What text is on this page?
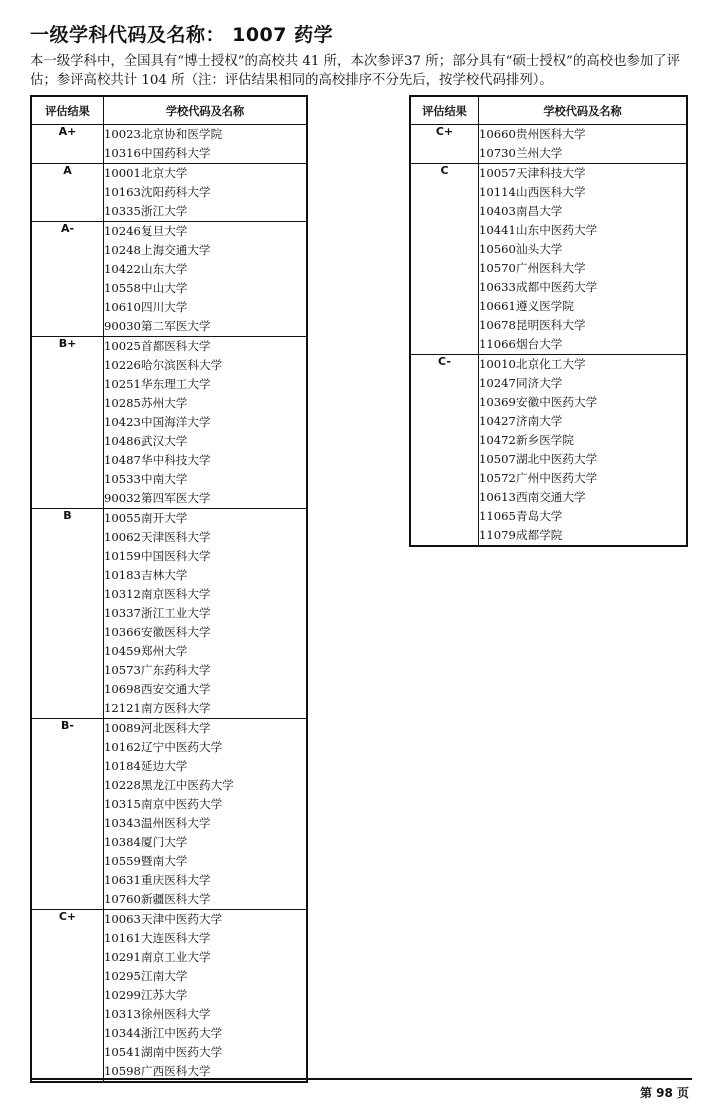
一级学科代码及名称： 1007 药学
本一级学科中，全国具有“博士授权”的高校共 41 所，本次参评37 所；部分具有“硕士授权”的高校也参加了评估；参评高校共计 104 所（注：评估结果相同的高校排序不分先后，按学校代码排列）。
评估结果	学校代码及名称
A+	10023北京协和医学院
	10316中国药科大学
A	10001北京大学
	10163沈阳药科大学
	10335浙江大学
A-	10246复旦大学
	10248上海交通大学
	10422山东大学
	10558中山大学
	10610四川大学
	90030第二军医大学
B+	10025首都医科大学
	10226哈尔滨医科大学
	10251华东理工大学
	10285苏州大学
	10423中国海洋大学
	10486武汉大学
	10487华中科技大学
	10533中南大学
	90032第四军医大学
B	10055南开大学
	10062天津医科大学
	10159中国医科大学
	10183吉林大学
	10312南京医科大学
	10337浙江工业大学
	10366安徽医科大学
	10459郑州大学
	10573广东药科大学
	10698西安交通大学
	12121南方医科大学
B-	10089河北医科大学
	10162辽宁中医药大学
	10184延边大学
	10228黑龙江中医药大学
	10315南京中医药大学
	10343温州医科大学
	10384厦门大学
	10559暨南大学
	10631重庆医科大学
	10760新疆医科大学
C+	10063天津中医药大学
	10161大连医科大学
	10291南京工业大学
	10295江南大学
	10299江苏大学
	10313徐州医科大学
	10344浙江中医药大学
	10541湖南中医药大学
	10598广西医科大学
评估结果	学校代码及名称
C+	10660贵州医科大学
	10730兰州大学
C	10057天津科技大学
	10114山西医科大学
	10403南昌大学
	10441山东中医药大学
	10560汕头大学
	10570广州医科大学
	10633成都中医药大学
	10661遵义医学院
	10678昆明医科大学
	11066烟台大学
C-	10010北京化工大学
	10247同济大学
	10369安徽中医药大学
	10427济南大学
	10472新乡医学院
	10507湖北中医药大学
	10572广州中医药大学
	10613西南交通大学
	11065青岛大学
	11079成都学院
第 98 页
